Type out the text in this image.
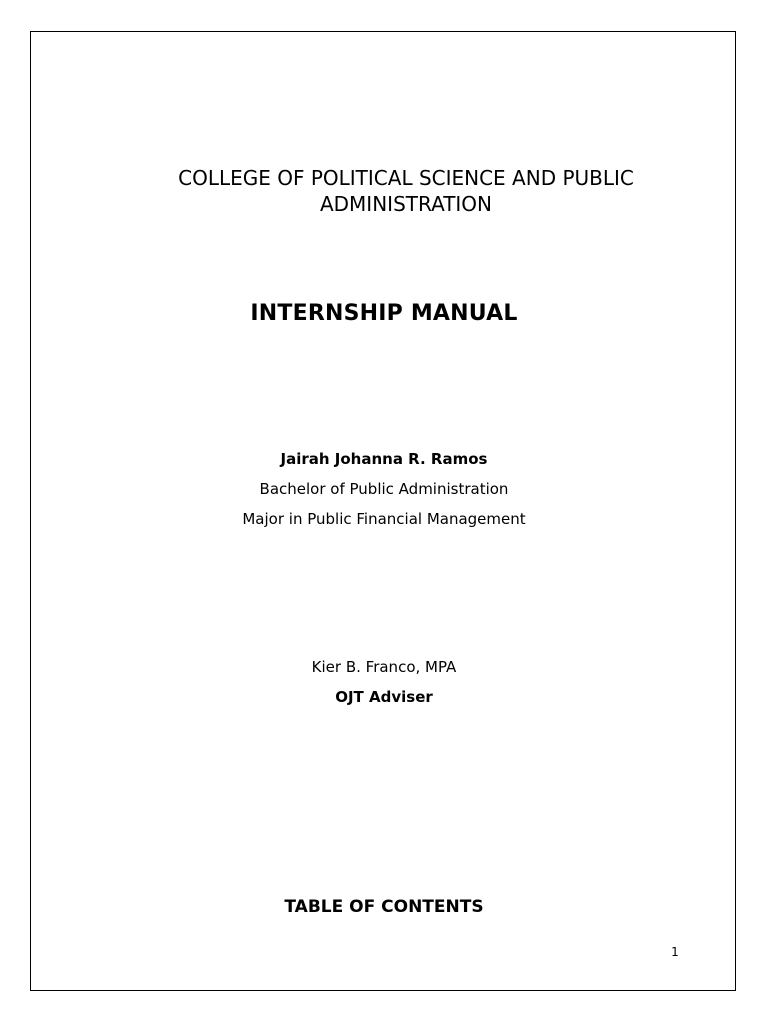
COLLEGE OF POLITICAL SCIENCE AND PUBLIC ADMINISTRATION

INTERNSHIP MANUAL

Jairah Johanna R. Ramos

Bachelor of Public Administration

Major in Public Financial Management

Kier B. Franco, MPA

OJT Adviser

TABLE OF CONTENTS

1
